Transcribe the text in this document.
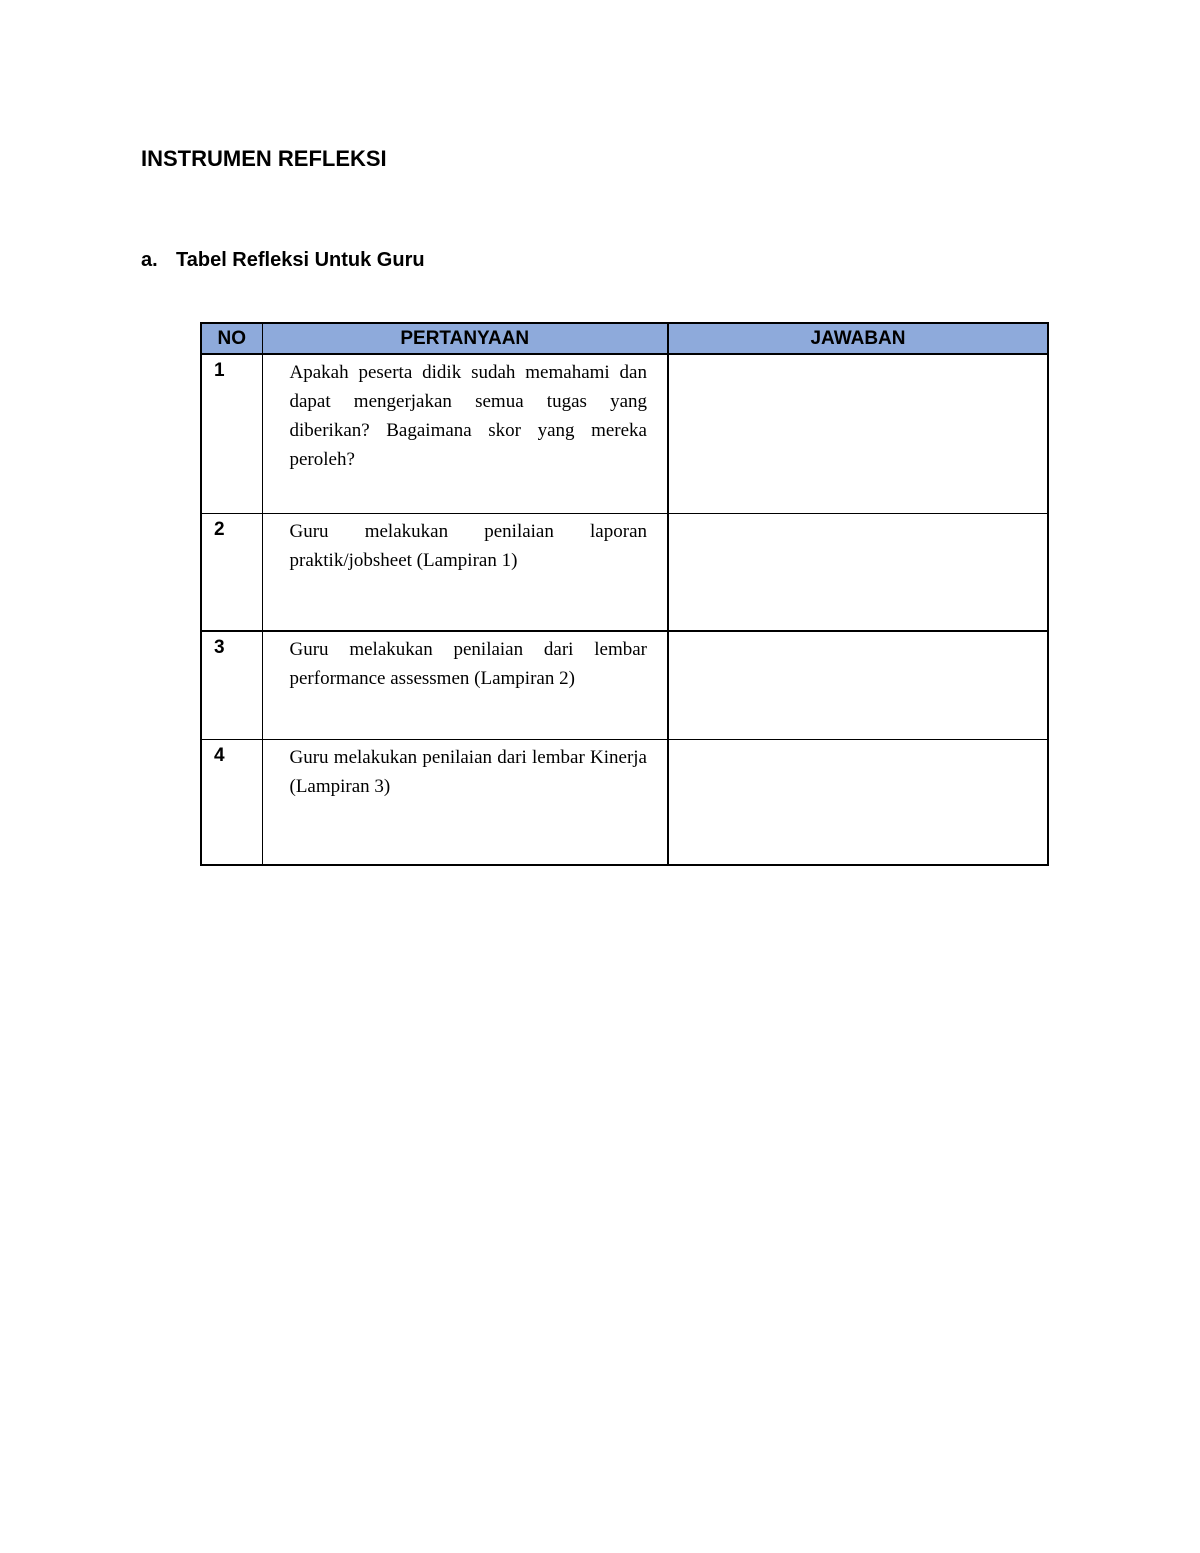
INSTRUMEN REFLEKSI
a. Tabel Refleksi Untuk Guru
NO	PERTANYAAN	JAWABAN
1	Apakah peserta didik sudah memahami dan dapat mengerjakan semua tugas yang diberikan? Bagaimana skor yang mereka peroleh?	
2	Guru melakukan penilaian laporan praktik/jobsheet (Lampiran 1)	
3	Guru melakukan penilaian dari lembar performance assessmen (Lampiran 2)	
4	Guru melakukan penilaian dari lembar Kinerja (Lampiran 3)	
